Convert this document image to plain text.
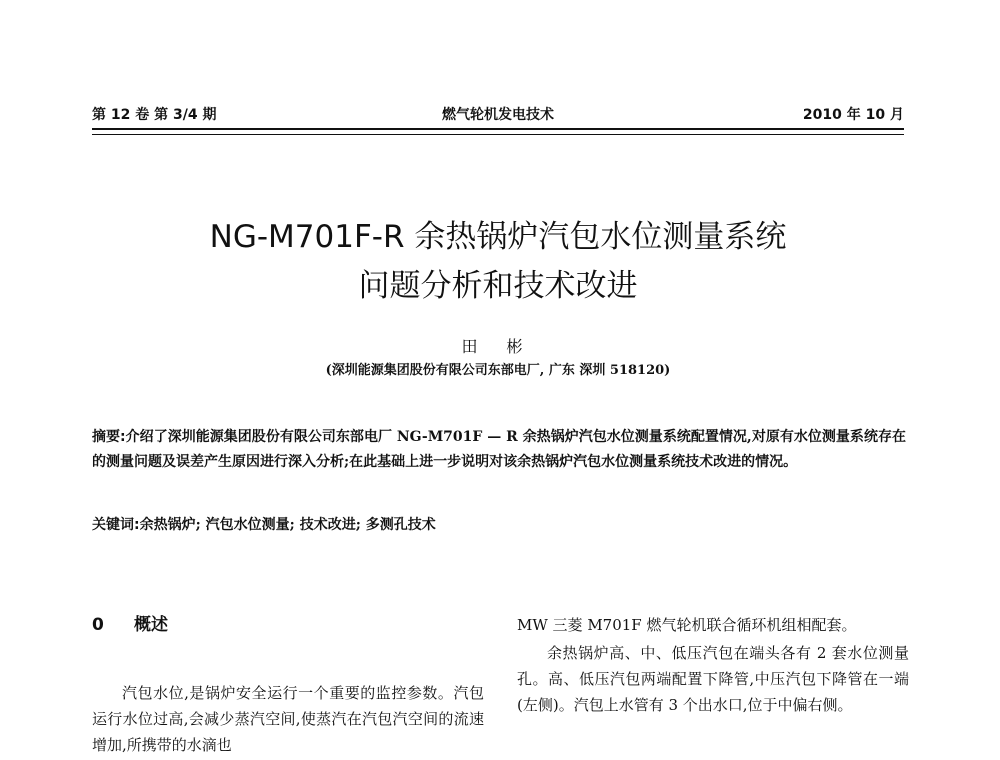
第 12 卷 第 3/4 期	燃气轮机发电技术	2010 年 10 月
NG-M701F-R 余热锅炉汽包水位测量系统
问题分析和技术改进
田 彬
(深圳能源集团股份有限公司东部电厂, 广东 深圳 518120)
摘要:介绍了深圳能源集团股份有限公司东部电厂 NG-M701F — R 余热锅炉汽包水位测量系统配置情况,对原有水位测量系统存在的测量问题及误差产生原因进行深入分析;在此基础上进一步说明对该余热锅炉汽包水位测量系统技术改进的情况。
关键词:余热锅炉; 汽包水位测量; 技术改进; 多测孔技术
0 概述

汽包水位,是锅炉安全运行一个重要的监控参数。汽包运行水位过高,会减少蒸汽空间,使蒸汽在汽包汽空间的流速增加,所携带的水滴也

MW 三菱 M701F 燃气轮机联合循环机组相配套。

余热锅炉高、中、低压汽包在端头各有 2 套水位测量孔。高、低压汽包两端配置下降管,中压汽包下降管在一端(左侧)。汽包上水管有 3 个出水口,位于中偏右侧。
